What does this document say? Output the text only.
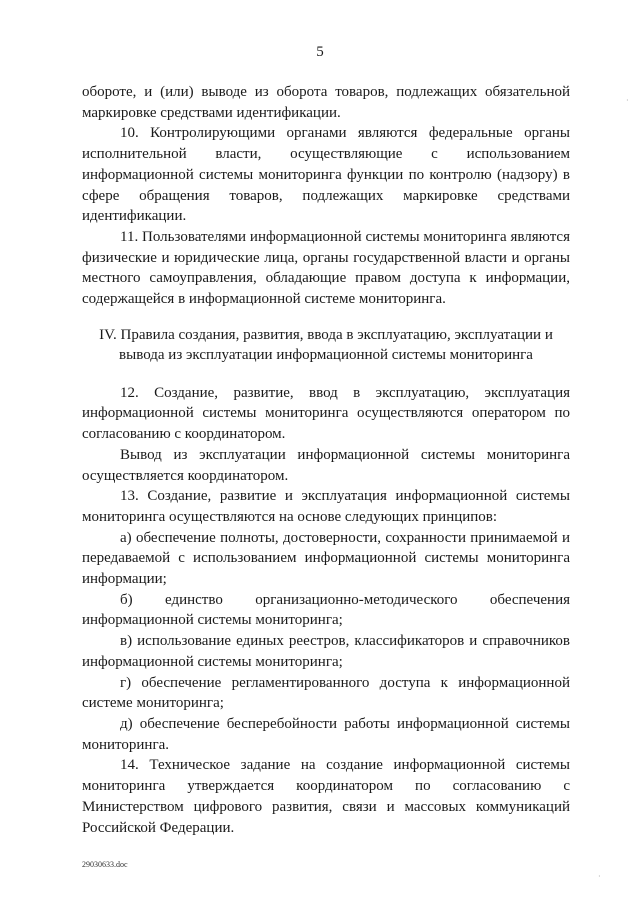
5

обороте, и (или) выводе из оборота товаров, подлежащих обязательной маркировке средствами идентификации.

10. Контролирующими органами являются федеральные органы исполнительной власти, осуществляющие с использованием информационной системы мониторинга функции по контролю (надзору) в сфере обращения товаров, подлежащих маркировке средствами идентификации.

11. Пользователями информационной системы мониторинга являются физические и юридические лица, органы государственной власти и органы местного самоуправления, обладающие правом доступа к информации, содержащейся в информационной системе мониторинга.

IV. Правила создания, развития, ввода в эксплуатацию, эксплуатации и
вывода из эксплуатации информационной системы мониторинга

12. Создание, развитие, ввод в эксплуатацию, эксплуатация информационной системы мониторинга осуществляются оператором по согласованию с координатором.

Вывод из эксплуатации информационной системы мониторинга осуществляется координатором.

13. Создание, развитие и эксплуатация информационной системы мониторинга осуществляются на основе следующих принципов:

а) обеспечение полноты, достоверности, сохранности принимаемой и передаваемой с использованием информационной системы мониторинга информации;

б) единство организационно-методического обеспечения информационной системы мониторинга;

в) использование единых реестров, классификаторов и справочников информационной системы мониторинга;

г) обеспечение регламентированного доступа к информационной системе мониторинга;

д) обеспечение бесперебойности работы информационной системы мониторинга.

14. Техническое задание на создание информационной системы мониторинга утверждается координатором по согласованию с Министерством цифрового развития, связи и массовых коммуникаций Российской Федерации.

29030633.doc
·
·
